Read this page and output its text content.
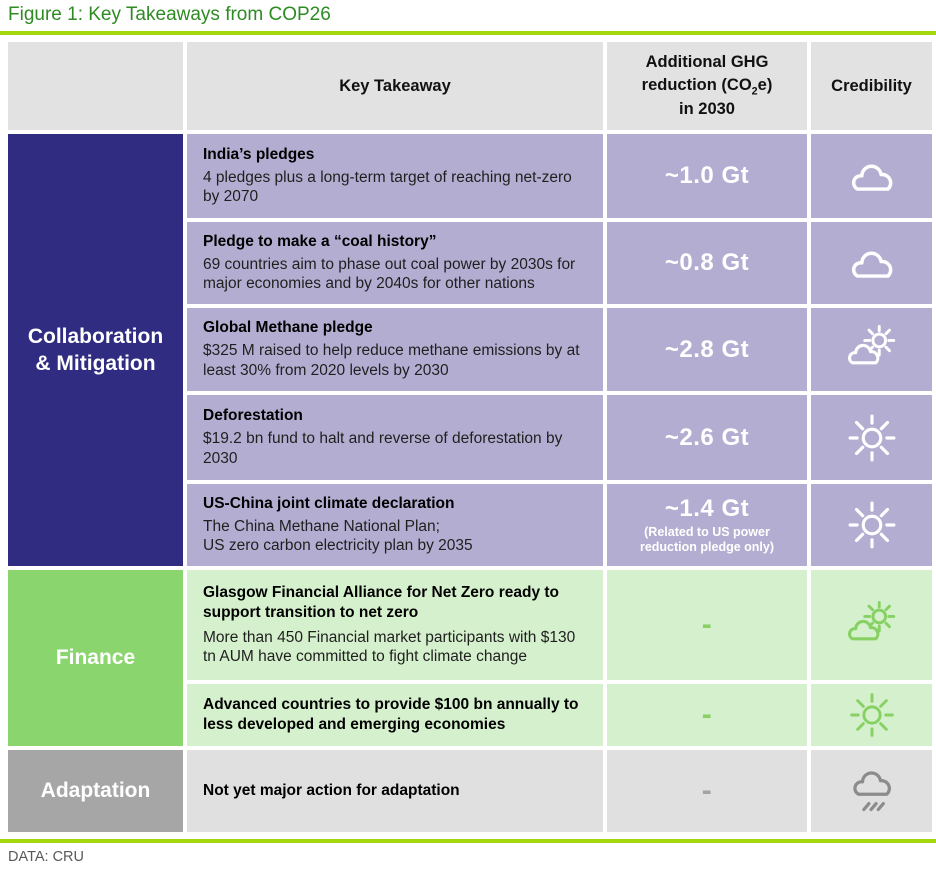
Figure 1: Key Takeaways from COP26
Key Takeaway
Additional GHG
reduction $(CO_2e)$
in 2030
Credibility
Collaboration & Mitigation
Finance
Adaptation
India’s pledges
4 pledges plus a long-term target of reaching net-zero by 2070
~1.0 Gt
Pledge to make a “coal history”
69 countries aim to phase out coal power by 2030s for major economies and by 2040s for other nations
~0.8 Gt
Global Methane pledge
$325 M raised to help reduce methane emissions by at least 30% from 2020 levels by 2030
~2.8 Gt
Deforestation
$19.2 bn fund to halt and reverse of deforestation by 2030
~2.6 Gt
US-China joint climate declaration
The China Methane National Plan;
US zero carbon electricity plan by 2035
~1.4 Gt
(Related to US power reduction pledge only)
Glasgow Financial Alliance for Net Zero ready to support transition to net zero
More than 450 Financial market participants with $130 tn AUM have committed to fight climate change
-
Advanced countries to provide $100 bn annually to less developed and emerging economies	-
Not yet major action for adaptation	-
DATA: CRU
